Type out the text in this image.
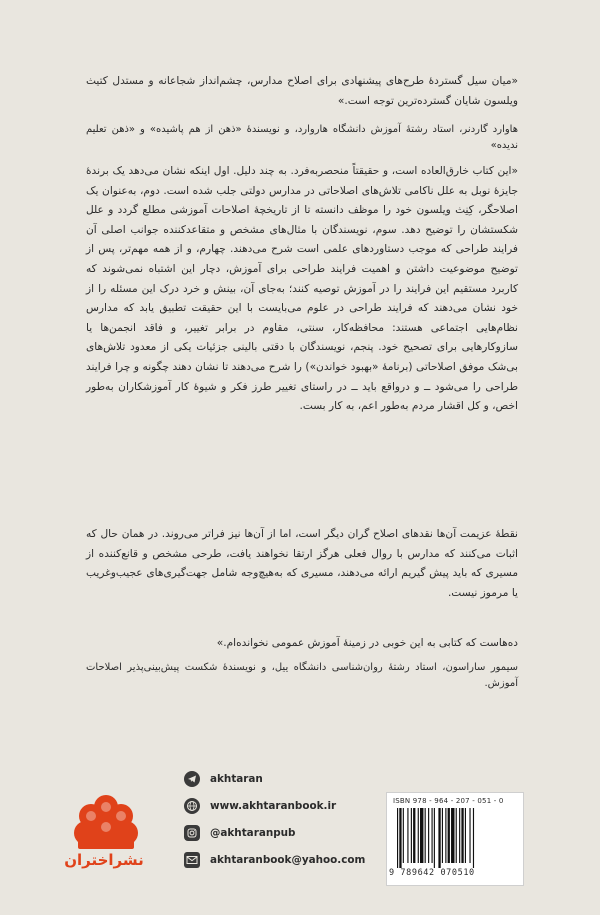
«میان سیل گستردهٔ طرح‌های پیشنهادی برای اصلاح مدارس، چشم‌انداز شجاعانه و مستدل کتیث ویلسون شایان گسترده‌ترین توجه است.»

هاوارد گاردنر، استاد رشتهٔ آموزش دانشگاه هاروارد، و نویسندهٔ «ذهن از هم پاشیده» و «ذهن تعلیم ندیده»

«این کتاب خارق‌العاده است، و حقیقتاً منحصربه‌فرد. به چند دلیل. اول اینکه نشان می‌دهد یک برندهٔ جایزهٔ نوبل به علل ناکامی تلاش‌های اصلاحاتی در مدارس دولتی جلب شده است. دوم، به‌عنوان یک اصلاحگر، کِنِث ویلسون خود را موظف دانسته تا از تاریخچهٔ اصلاحات آموزشی مطلع گردد و علل شکستشان را توضیح دهد. سوم، نویسندگان با مثال‌های مشخص و متقاعدکننده جوانب اصلی آن فرایند طراحی که موجب دستاوردهای علمی است شرح می‌دهند. چهارم، و از همه مهم‌تر، پس از توضیح موضوعیت داشتن و اهمیت فرایند طراحی برای آموزش، دچار این اشتباه نمی‌شوند که کاربرد مستقیم این فرایند را در آموزش توصیه کنند؛ به‌جای آن، بینش و خرد درک این مسئله را از خود نشان می‌دهند که فرایند طراحی در علوم می‌بایست با این حقیقت تطبیق یابد که مدارس نظام‌هایی اجتماعی هستند: محافظه‌کار، سنتی، مقاوم در برابر تغییر، و فاقد انجمن‌ها یا سازوکارهایی برای تصحیح خود. پنجم، نویسندگان با دقتی بالینی جزئیات یکی از معدود تلاش‌های بی‌شک موفق اصلاحاتی (برنامهٔ «بهبود خواندن») را شرح می‌دهند تا نشان دهند چگونه و چرا فرایند طراحی را می‌شود ــ و درواقع باید ــ در راستای تغییر طرز فکر و شیوهٔ کار آموزشکاران به‌طور اخص، و کل اقشار مردم به‌طور اعم، به کار بست.

نقطهٔ عزیمت آن‌ها نقدهای اصلاح گران دیگر است، اما از آن‌ها نیز فراتر می‌روند. در همان حال که اثبات می‌کنند که مدارس با روال فعلی هرگز ارتقا نخواهند یافت، طرحی مشخص و قانع‌کننده از مسیری که باید پیش گیریم ارائه می‌دهند، مسیری که به‌هیچ‌وجه شامل جهت‌گیری‌های عجیب‌وغریب یا مرموز نیست.

ده‌ها‌ست که کتابی به این خوبی در زمینهٔ آموزش عمومی نخوانده‌ام.»

سیمور ساراسون، استاد رشتهٔ روان‌شناسی دانشگاه ییل، و نویسندهٔ شکست پیش‌بینی‌پذیر اصلاحات آموزش.

نشراختران
akhtaran
www.akhtaranbook.ir
@akhtaranpub
akhtaranbook@yahoo.com
ISBN 978 - 964 - 207 - 051 - 0
9 789642 070510
